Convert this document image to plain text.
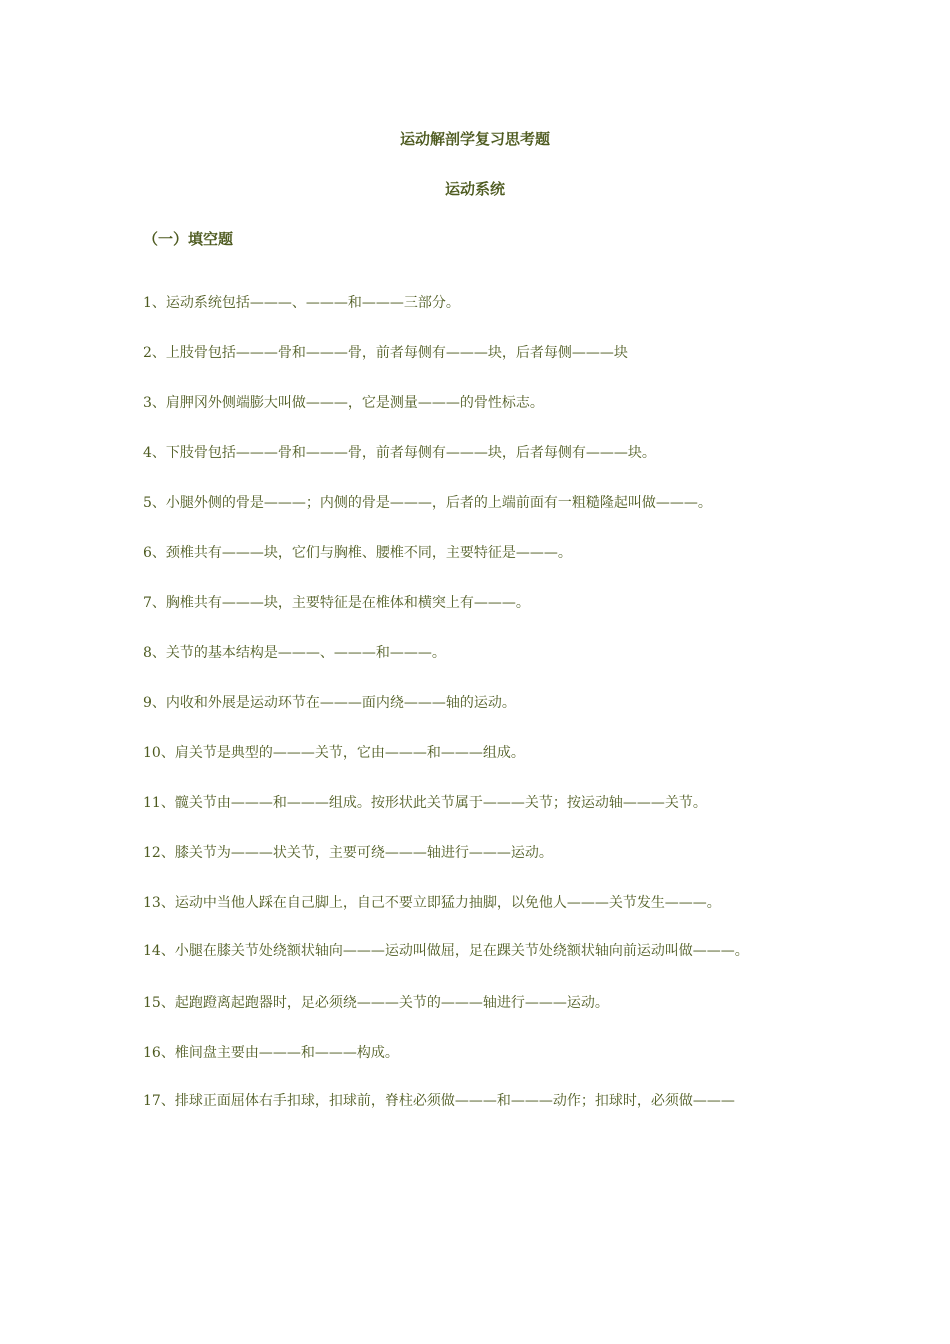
运动解剖学复习思考题
运动系统
（一）填空题
1、运动系统包括———、———和———三部分。
2、上肢骨包括———骨和———骨，前者每侧有———块，后者每侧———块
3、肩胛冈外侧端膨大叫做———，它是测量———的骨性标志。
4、下肢骨包括———骨和———骨，前者每侧有———块，后者每侧有———块。
5、小腿外侧的骨是———；内侧的骨是———，后者的上端前面有一粗糙隆起叫做———。
6、颈椎共有———块，它们与胸椎、腰椎不同，主要特征是———。
7、胸椎共有———块，主要特征是在椎体和横突上有———。
8、关节的基本结构是———、———和———。
9、内收和外展是运动环节在———面内绕———轴的运动。
10、肩关节是典型的———关节，它由———和———组成。
11、髋关节由———和———组成。按形状此关节属于———关节；按运动轴———关节。
12、膝关节为———状关节，主要可绕———轴进行———运动。
13、运动中当他人踩在自己脚上，自己不要立即猛力抽脚，以免他人———关节发生———。
14、小腿在膝关节处绕额状轴向———运动叫做屈，足在踝关节处绕额状轴向前运动叫做———。
15、起跑蹬离起跑器时，足必须绕———关节的———轴进行———运动。
16、椎间盘主要由———和———构成。
17、排球正面屈体右手扣球，扣球前，脊柱必须做———和———动作；扣球时，必须做———
